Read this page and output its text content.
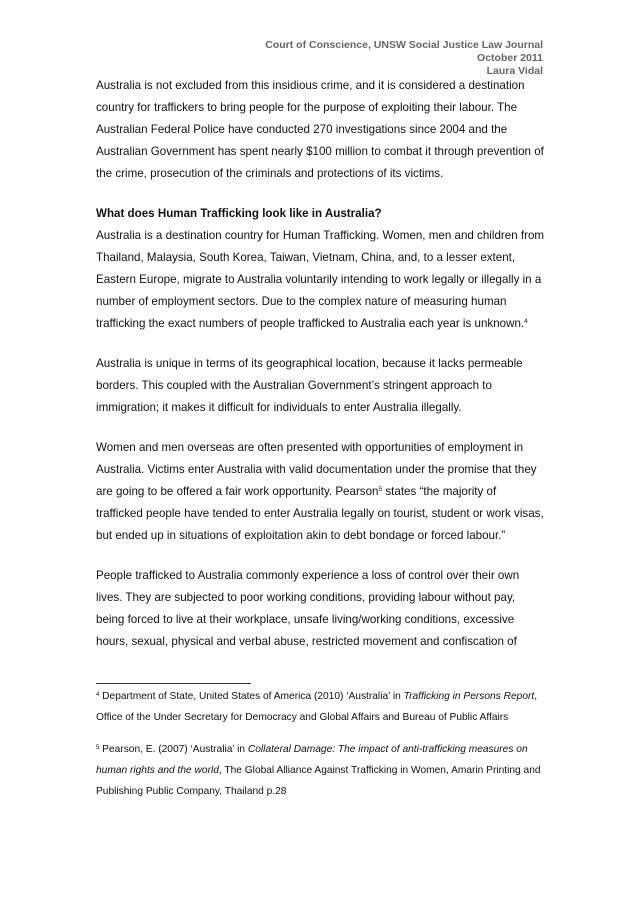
Court of Conscience, UNSW Social Justice Law Journal
October 2011
Laura Vidal

Australia is not excluded from this insidious crime, and it is considered a destination country for traffickers to bring people for the purpose of exploiting their labour. The Australian Federal Police have conducted 270 investigations since 2004 and the Australian Government has spent nearly $100 million to combat it through prevention of the crime, prosecution of the criminals and protections of its victims.

What does Human Trafficking look like in Australia?

Australia is a destination country for Human Trafficking. Women, men and children from Thailand, Malaysia, South Korea, Taiwan, Vietnam, China, and, to a lesser extent, Eastern Europe, migrate to Australia voluntarily intending to work legally or illegally in a number of employment sectors. Due to the complex nature of measuring human trafficking the exact numbers of people trafficked to Australia each year is unknown.$^4$

Australia is unique in terms of its geographical location, because it lacks permeable borders. This coupled with the Australian Government’s stringent approach to immigration; it makes it difficult for individuals to enter Australia illegally.

Women and men overseas are often presented with opportunities of employment in Australia. Victims enter Australia with valid documentation under the promise that they are going to be offered a fair work opportunity. Pearson$^5$ states “the majority of trafficked people have tended to enter Australia legally on tourist, student or work visas, but ended up in situations of exploitation akin to debt bondage or forced labour.”

People trafficked to Australia commonly experience a loss of control over their own lives. They are subjected to poor working conditions, providing labour without pay, being forced to live at their workplace, unsafe living/working conditions, excessive hours, sexual, physical and verbal abuse, restricted movement and confiscation of

$^4$ Department of State, United States of America (2010) ‘Australia’ in Trafficking in Persons Report, Office of the Under Secretary for Democracy and Global Affairs and Bureau of Public Affairs

$^5$ Pearson, E. (2007) ‘Australia’ in Collateral Damage: The impact of anti-trafficking measures on human rights and the world, The Global Alliance Against Trafficking in Women, Amarin Printing and Publishing Public Company, Thailand p.28
